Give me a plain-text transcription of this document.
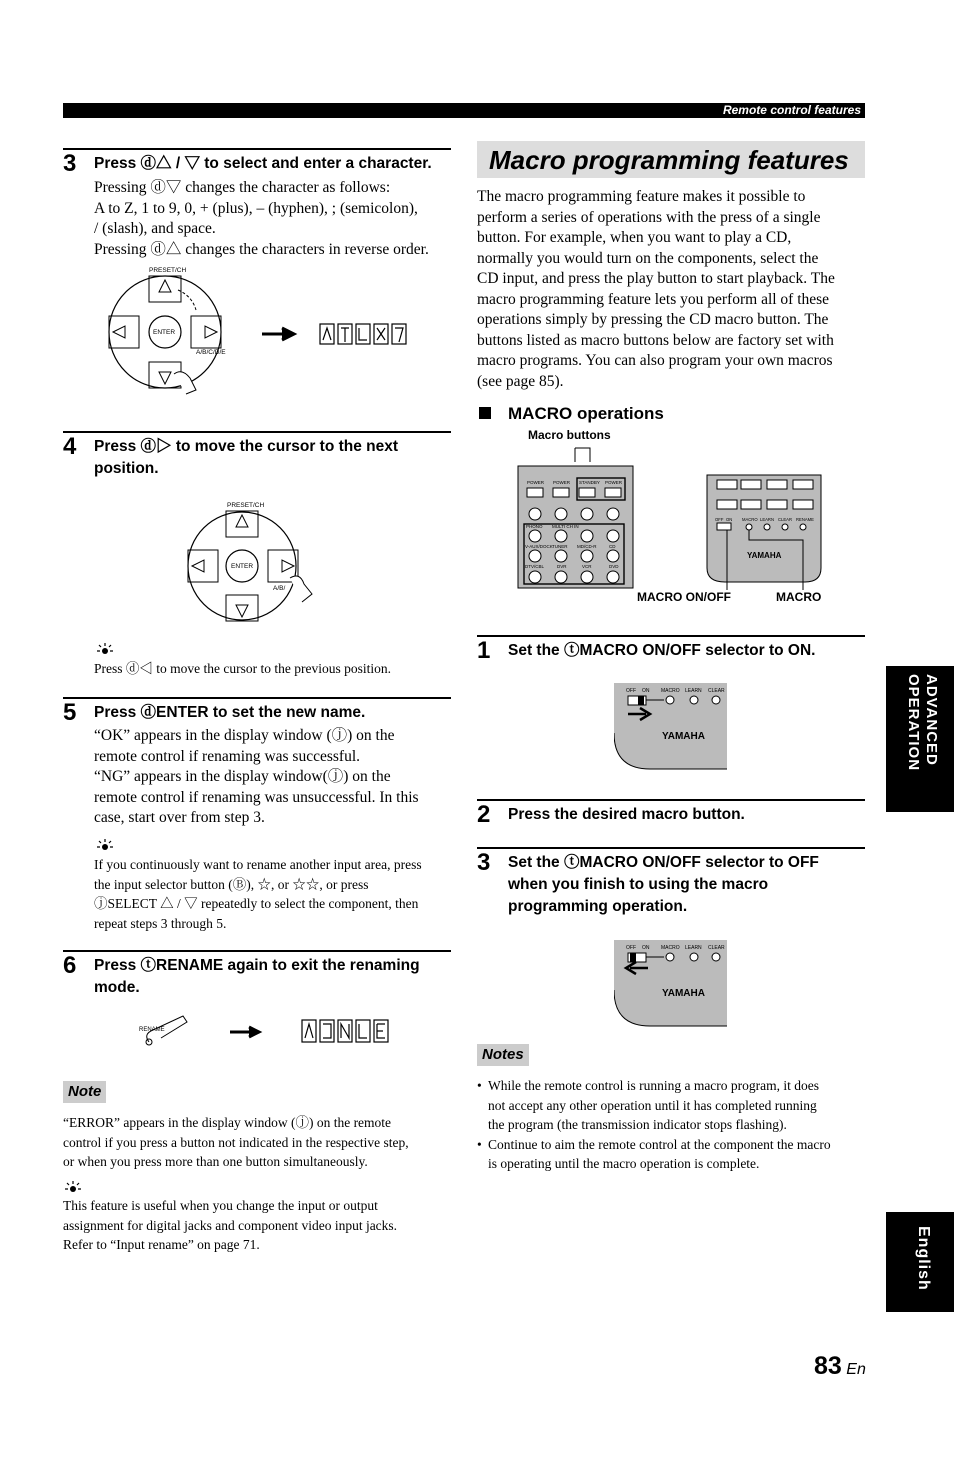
Remote control features
3 Press ⓓ△ / ▽ to select and enter a character.
Pressing ⓓ▽ changes the character as follows:
A to Z, 1 to 9, 0, + (plus), – (hyphen), ; (semicolon),
/ (slash), and space.
Pressing ⓓ△ changes the characters in reverse order.
PRESET/CH
ENTER
A/B/C/D/E
4 Press ⓓ▷ to move the cursor to the next
position.
PRESET/CH
ENTER
A/B/
Press ⓓ◁ to move the cursor to the previous position.
5 Press ⓓENTER to set the new name.
“OK” appears in the display window (ⓙ) on the
remote control if renaming was successful.
“NG” appears in the display window(ⓙ) on the
remote control if renaming was unsuccessful. In this
case, start over from step 3.
If you continuously want to rename another input area, press
the input selector button (Ⓑ), ☆, or ☆☆, or press
ⓙSELECT △ / ▽ repeatedly to select the component, then
repeat steps 3 through 5.
6 Press ⓣRENAME again to exit the renaming
mode.
RENAME
Note
“ERROR” appears in the display window (ⓙ) on the remote
control if you press a button not indicated in the respective step,
or when you press more than one button simultaneously.
This feature is useful when you change the input or output
assignment for digital jacks and component video input jacks.
Refer to “Input rename” on page 71.
Macro programming features
The macro programming feature makes it possible to
perform a series of operations with the press of a single
button. For example, when you want to play a CD,
normally you would turn on the components, select the
CD input, and press the play button to start playback. The
macro programming feature lets you perform all of these
operations simply by pressing the CD macro button. The
buttons listed as macro buttons below are factory set with
macro programs. You can also program your own macros
(see page 85).
MACRO operations
Macro buttons
POWER POWER STANDBY POWER
PHONO MULTI CH IN
V-AUX/DOCK TUNER MD/CD-R	CD
DTV/CBL	DVR	VCR	DVD
OFF ON MACRO LEARN CLEAR RENAME
YAMAHA
MACRO ON/OFF	MACRO
1 Set the ⓣMACRO ON/OFF selector to ON.
OFF ON MACRO LEARN CLEAR
YAMAHA
2 Press the desired macro button.
3 Set the ⓣMACRO ON/OFF selector to OFF
when you finish to using the macro
programming operation.
OFF ON MACRO LEARN CLEAR
YAMAHA
Notes
• While the remote control is running a macro program, it does
not accept any other operation until it has completed running
the program (the transmission indicator stops flashing).
• Continue to aim the remote control at the component the macro
is operating until the macro operation is complete.
ADVANCED
OPERATION
English
83 En
